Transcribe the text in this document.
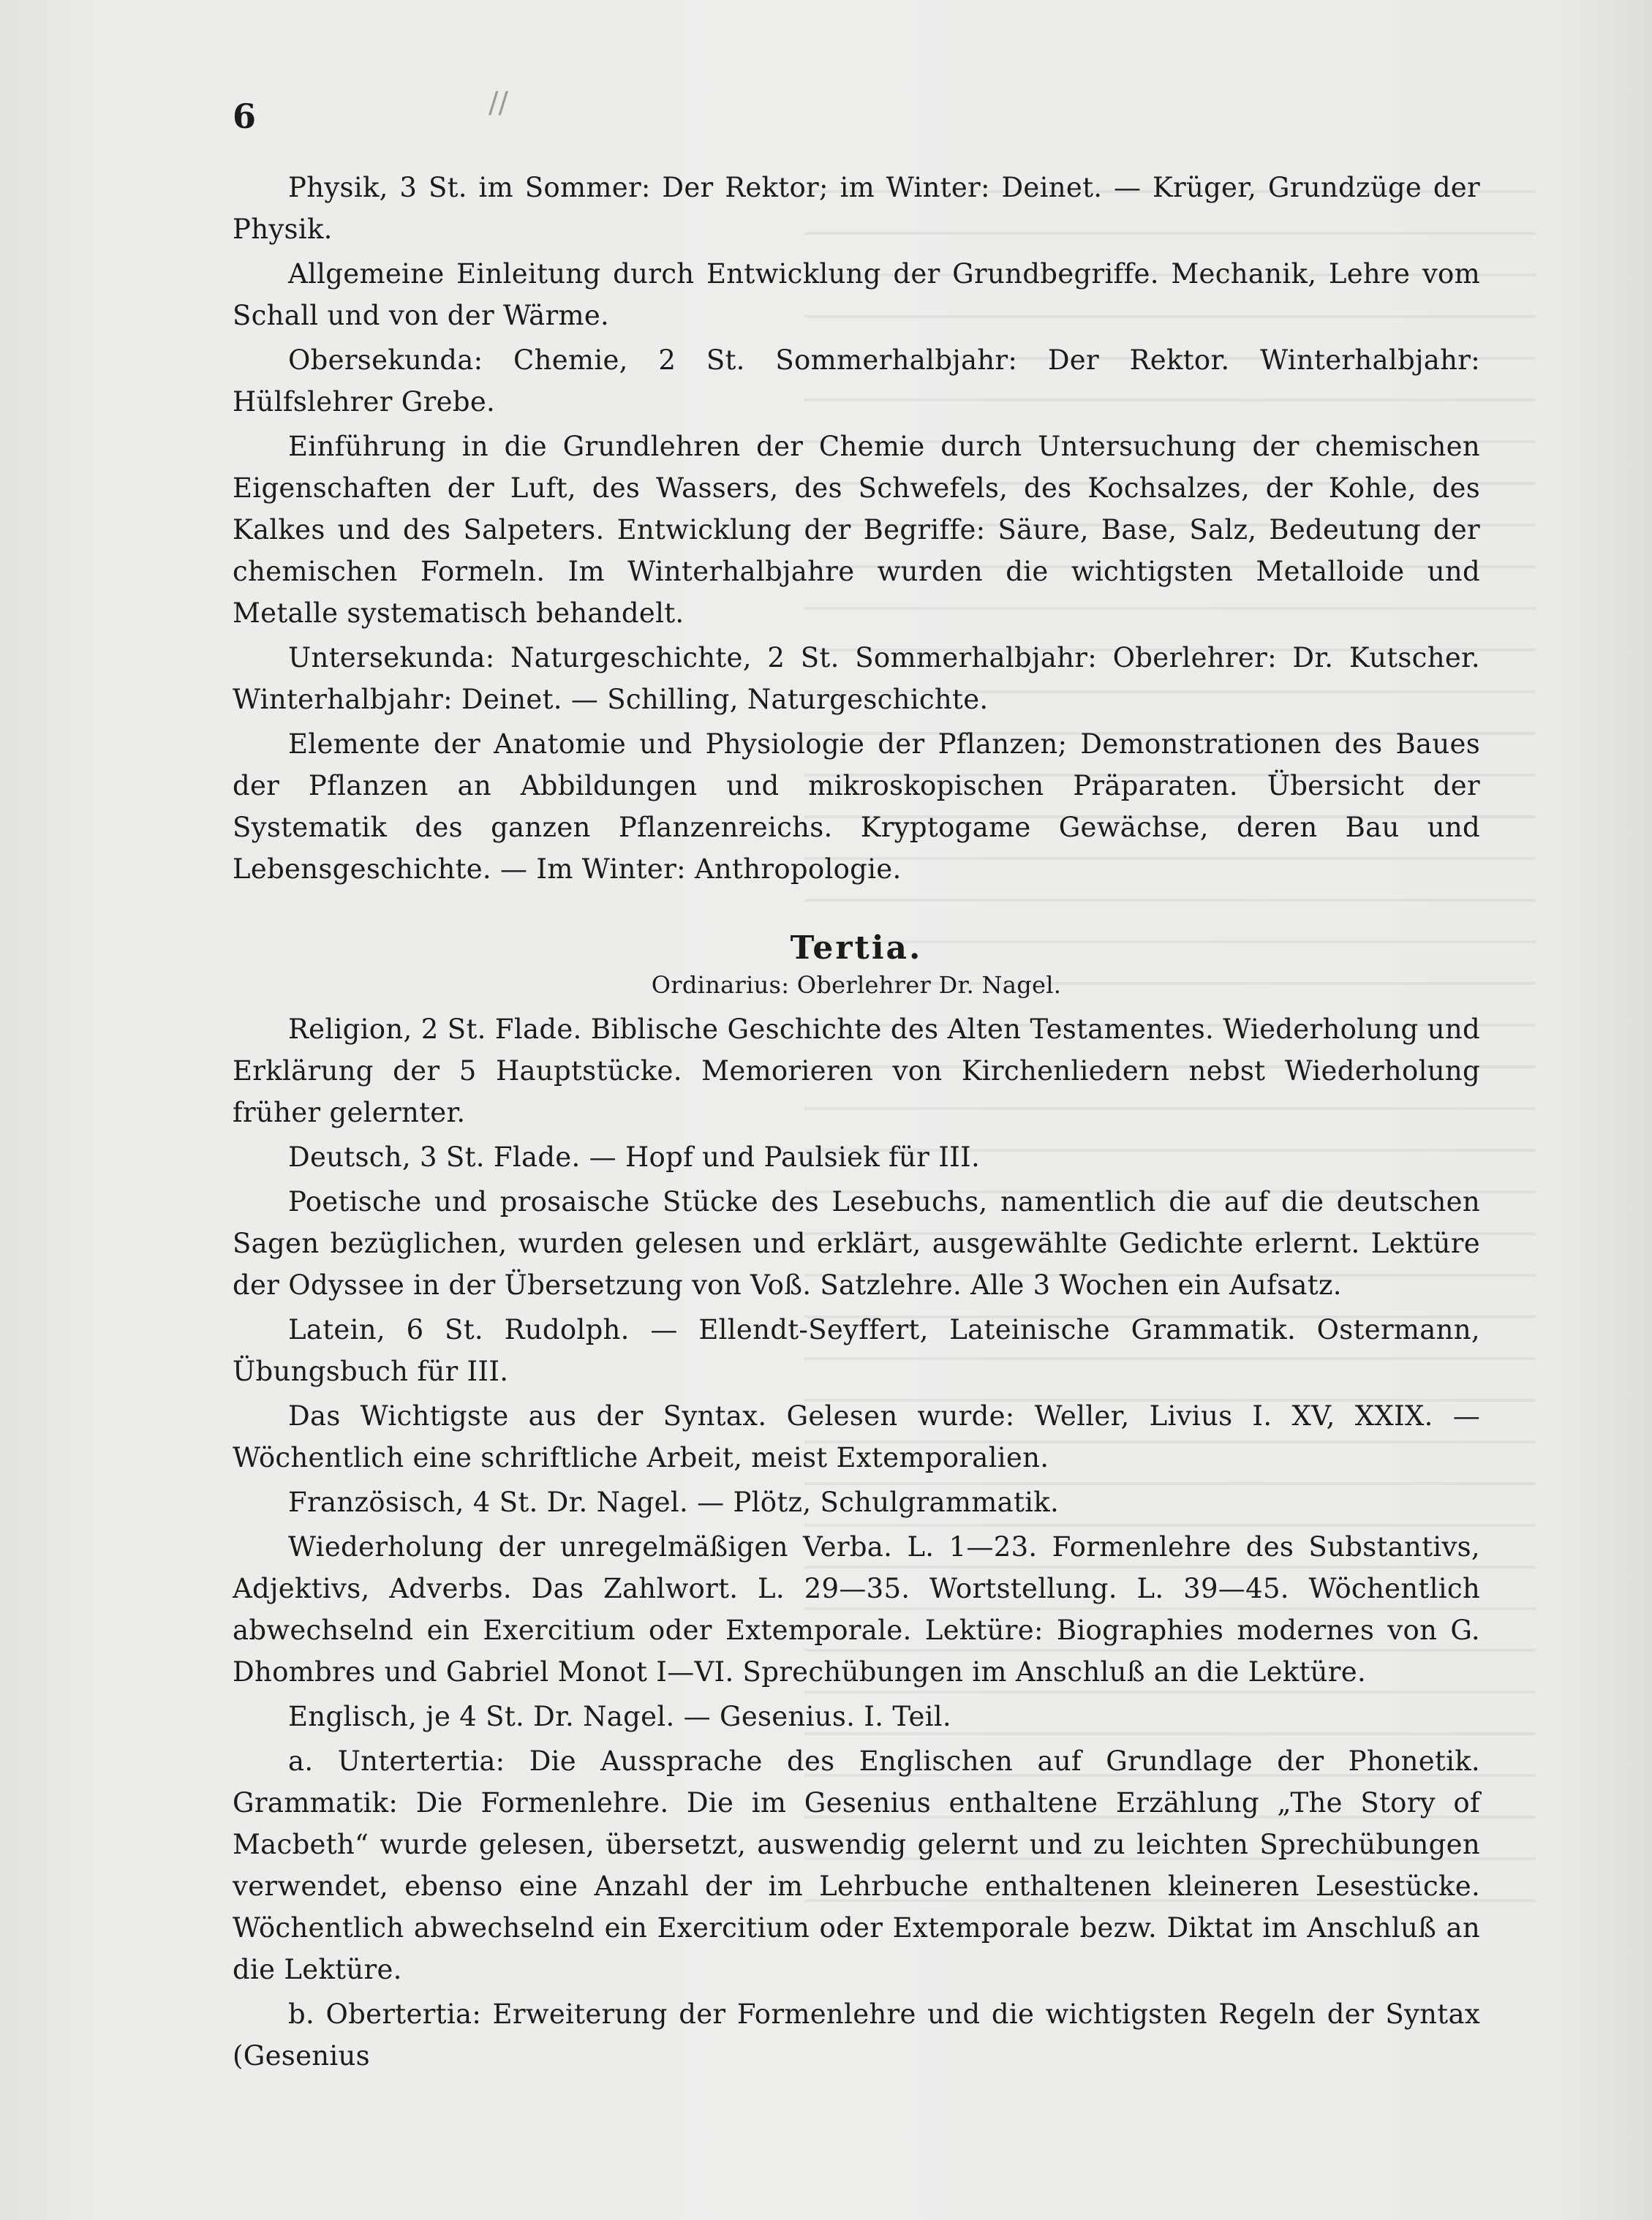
//
6

Physik, 3 St. im Sommer: Der Rektor; im Winter: Deinet. — Krüger, Grundzüge der Physik.

Allgemeine Einleitung durch Entwicklung der Grundbegriffe. Mechanik, Lehre vom Schall und von der Wärme.

Obersekunda: Chemie, 2 St. Sommerhalbjahr: Der Rektor. Winterhalbjahr: Hülfslehrer Grebe.

Einführung in die Grundlehren der Chemie durch Untersuchung der chemischen Eigenschaften der Luft, des Wassers, des Schwefels, des Kochsalzes, der Kohle, des Kalkes und des Salpeters. Entwicklung der Begriffe: Säure, Base, Salz, Bedeutung der chemischen Formeln. Im Winterhalbjahre wurden die wichtigsten Metalloide und Metalle systematisch behandelt.

Untersekunda: Naturgeschichte, 2 St. Sommerhalbjahr: Oberlehrer: Dr. Kutscher. Winterhalbjahr: Deinet. — Schilling, Naturgeschichte.

Elemente der Anatomie und Physiologie der Pflanzen; Demonstrationen des Baues der Pflanzen an Abbildungen und mikroskopischen Präparaten. Übersicht der Systematik des ganzen Pflanzenreichs. Kryptogame Gewächse, deren Bau und Lebensgeschichte. — Im Winter: Anthropologie.

Tertia.

Ordinarius: Oberlehrer Dr. Nagel.

Religion, 2 St. Flade. Biblische Geschichte des Alten Testamentes. Wiederholung und Erklärung der 5 Hauptstücke. Memorieren von Kirchenliedern nebst Wiederholung früher gelernter.

Deutsch, 3 St. Flade. — Hopf und Paulsiek für III.

Poetische und prosaische Stücke des Lesebuchs, namentlich die auf die deutschen Sagen bezüglichen, wurden gelesen und erklärt, ausgewählte Gedichte erlernt. Lektüre der Odyssee in der Übersetzung von Voß. Satzlehre. Alle 3 Wochen ein Aufsatz.

Latein, 6 St. Rudolph. — Ellendt-Seyffert, Lateinische Grammatik. Ostermann, Übungsbuch für III.

Das Wichtigste aus der Syntax. Gelesen wurde: Weller, Livius I. XV, XXIX. — Wöchentlich eine schriftliche Arbeit, meist Extemporalien.

Französisch, 4 St. Dr. Nagel. — Plötz, Schulgrammatik.

Wiederholung der unregelmäßigen Verba. L. 1—23. Formenlehre des Substantivs, Adjektivs, Adverbs. Das Zahlwort. L. 29—35. Wortstellung. L. 39—45. Wöchentlich abwechselnd ein Exercitium oder Extemporale. Lektüre: Biographies modernes von G. Dhombres und Gabriel Monot I—VI. Sprechübungen im Anschluß an die Lektüre.

Englisch, je 4 St. Dr. Nagel. — Gesenius. I. Teil.

a. Untertertia: Die Aussprache des Englischen auf Grundlage der Phonetik. Grammatik: Die Formenlehre. Die im Gesenius enthaltene Erzählung „The Story of Macbeth“ wurde gelesen, übersetzt, auswendig gelernt und zu leichten Sprechübungen verwendet, ebenso eine Anzahl der im Lehrbuche enthaltenen kleineren Lesestücke. Wöchentlich abwechselnd ein Exercitium oder Extemporale bezw. Diktat im Anschluß an die Lektüre.

b. Obertertia: Erweiterung der Formenlehre und die wichtigsten Regeln der Syntax (Gesenius
